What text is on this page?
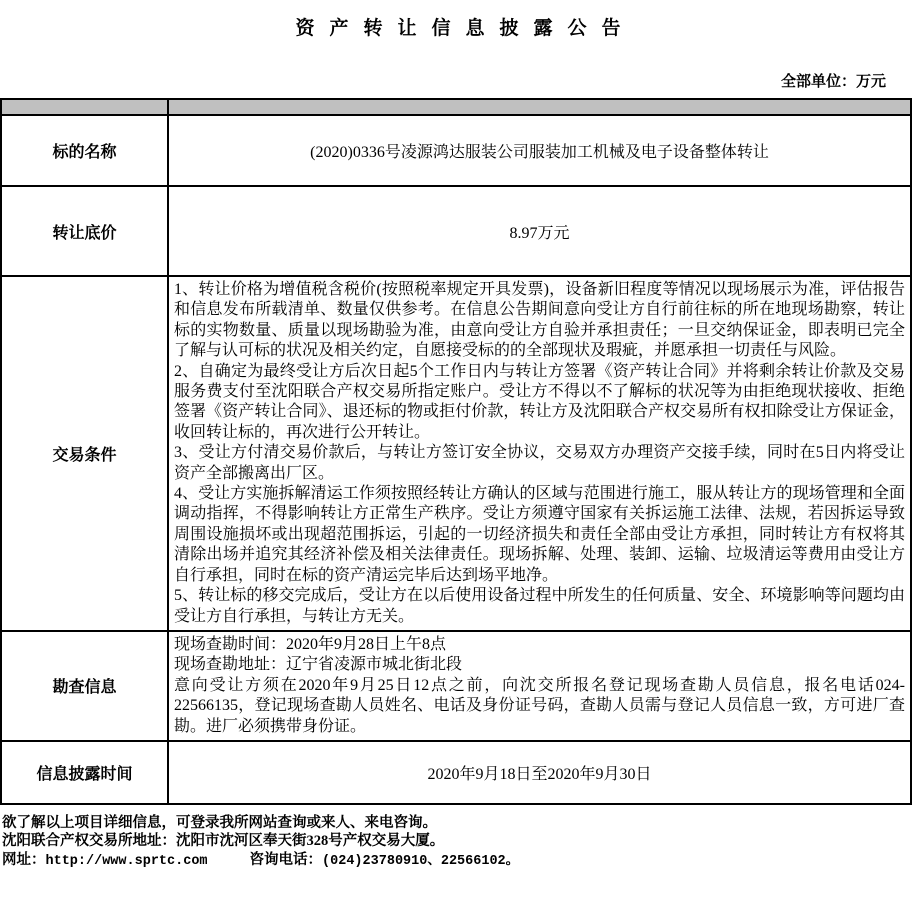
资产转让信息披露公告
全部单位：万元

标的名称	(2020)0336号凌源鸿达服装公司服装加工机械及电子设备整体转让
转让底价	8.97万元
交易条件	1、转让价格为增值税含税价(按照税率规定开具发票)，设备新旧程度等情况以现场展示为准，评估报告和信息发布所载清单、数量仅供参考。在信息公告期间意向受让方自行前往标的所在地现场勘察，转让标的实物数量、质量以现场勘验为准，由意向受让方自验并承担责任；一旦交纳保证金，即表明已完全了解与认可标的状况及相关约定，自愿接受标的的全部现状及瑕疵，并愿承担一切责任与风险。

2、自确定为最终受让方后次日起5个工作日内与转让方签署《资产转让合同》并将剩余转让价款及交易服务费支付至沈阳联合产权交易所指定账户。受让方不得以不了解标的状况等为由拒绝现状接收、拒绝签署《资产转让合同》、退还标的物或拒付价款，转让方及沈阳联合产权交易所有权扣除受让方保证金，收回转让标的，再次进行公开转让。

3、受让方付清交易价款后，与转让方签订安全协议，交易双方办理资产交接手续，同时在5日内将受让资产全部搬离出厂区。

4、受让方实施拆解清运工作须按照经转让方确认的区域与范围进行施工，服从转让方的现场管理和全面调动指挥，不得影响转让方正常生产秩序。受让方须遵守国家有关拆运施工法律、法规，若因拆运导致周围设施损坏或出现超范围拆运，引起的一切经济损失和责任全部由受让方承担，同时转让方有权将其清除出场并追究其经济补偿及相关法律责任。现场拆解、处理、装卸、运输、垃圾清运等费用由受让方自行承担，同时在标的资产清运完毕后达到场平地净。

5、转让标的移交完成后，受让方在以后使用设备过程中所发生的任何质量、安全、环境影响等问题均由受让方自行承担，与转让方无关。

勘查信息	现场查勘时间：2020年9月28日上午8点

现场查勘地址：辽宁省凌源市城北街北段

意向受让方须在2020年9月25日12点之前，向沈交所报名登记现场查勘人员信息，报名电话024-22566135，登记现场查勘人员姓名、电话及身份证号码，查勘人员需与登记人员信息一致，方可进厂查勘。进厂必须携带身份证。

信息披露时间	2020年9月18日至2020年9月30日
欲了解以上项目详细信息，可登录我所网站查询或来人、来电咨询。
沈阳联合产权交易所地址：沈阳市沈河区奉天街328号产权交易大厦。
网址：http://www.sprtc.com	咨询电话：(024)23780910、22566102。
